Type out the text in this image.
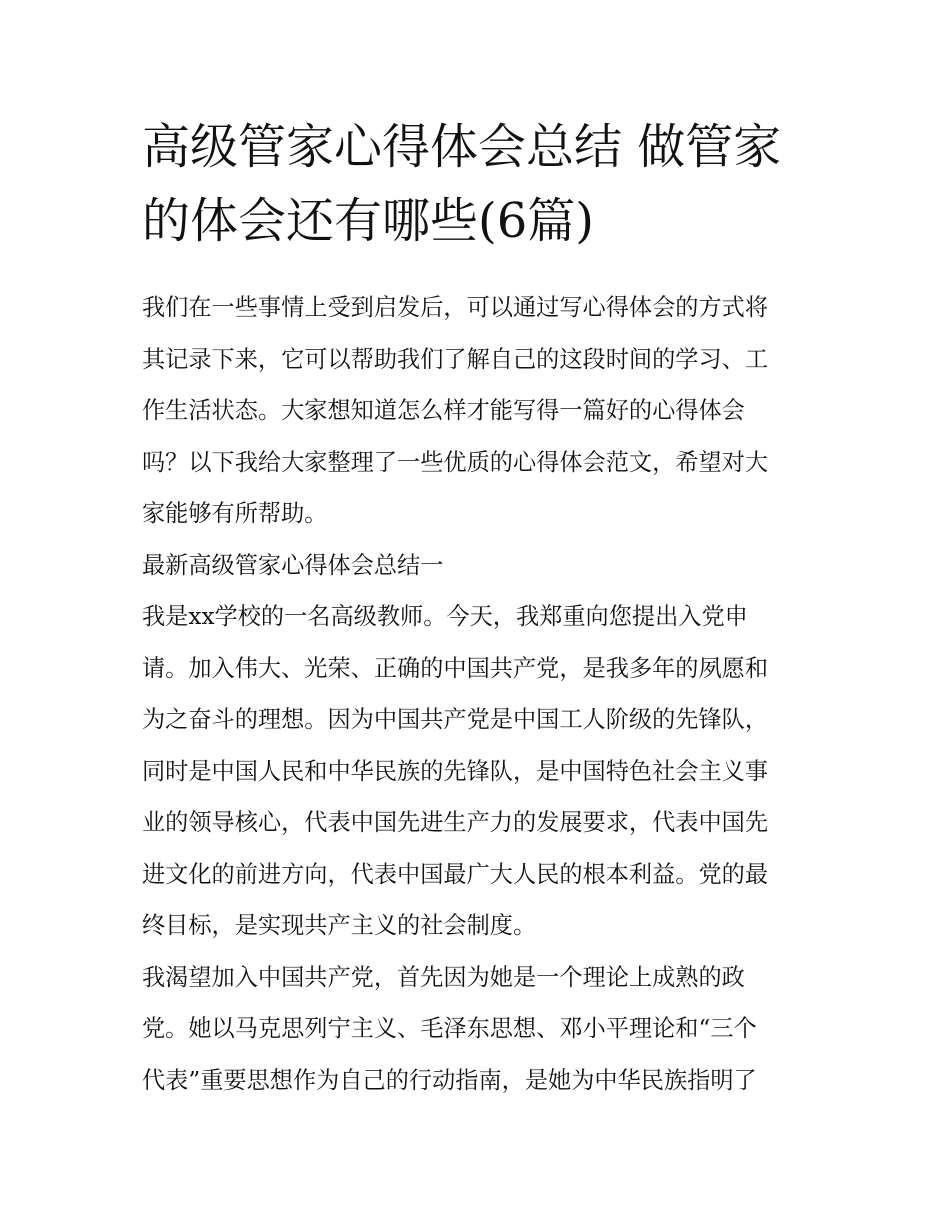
高级管家心得体会总结 做管家
的体会还有哪些(6篇)

我们在一些事情上受到启发后，可以通过写心得体会的方式将
其记录下来，它可以帮助我们了解自己的这段时间的学习、工
作生活状态。大家想知道怎么样才能写得一篇好的心得体会
吗？以下我给大家整理了一些优质的心得体会范文，希望对大
家能够有所帮助。

最新高级管家心得体会总结一

我是xx学校的一名高级教师。今天，我郑重向您提出入党申
请。加入伟大、光荣、正确的中国共产党，是我多年的夙愿和
为之奋斗的理想。因为中国共产党是中国工人阶级的先锋队，
同时是中国人民和中华民族的先锋队，是中国特色社会主义事
业的领导核心，代表中国先进生产力的发展要求，代表中国先
进文化的前进方向，代表中国最广大人民的根本利益。党的最
终目标，是实现共产主义的社会制度。

我渴望加入中国共产党，首先因为她是一个理论上成熟的政
党。她以马克思列宁主义、毛泽东思想、邓小平理论和“三个
代表”重要思想作为自己的行动指南，是她为中华民族指明了
